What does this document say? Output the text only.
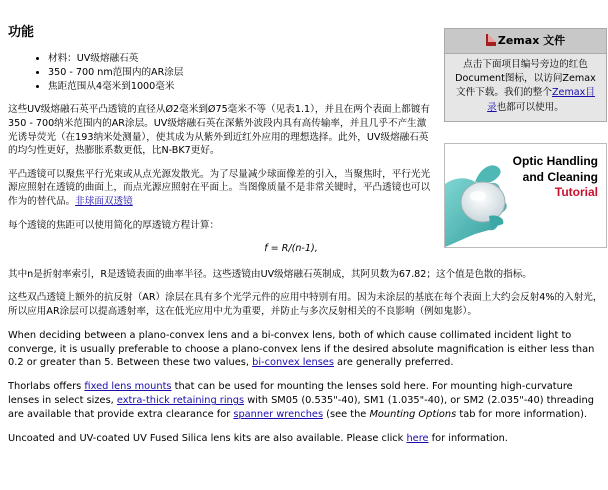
功能
• 材料：UV级熔融石英
• 350 - 700 nm范围内的AR涂层
• 焦距范围从4毫米到1000毫米

这些UV级熔融石英平凸透镜的直径从Ø2毫米到Ø75毫米不等（见表1.1），并且在两个表面上都镀有350 - 700纳米范围内的AR涂层。UV级熔融石英在深紫外波段内具有高传输率，并且几乎不产生激光诱导荧光（在193纳米处测量），使其成为从紫外到近红外应用的理想选择。此外，UV级熔融石英的均匀性更好，热膨胀系数更低，比N-BK7更好。

平凸透镜可以聚焦平行光束或从点光源发散光。为了尽量减少球面像差的引入，当聚焦时，平行光光源应照射在透镜的曲面上，而点光源应照射在平面上。当图像质量不是非常关键时，平凸透镜也可以作为的替代品。非球面双透镜

每个透镜的焦距可以使用简化的厚透镜方程计算：

f = R/(n-1),

其中n是折射率索引，R是透镜表面的曲率半径。这些透镜由UV级熔融石英制成，其阿贝数为67.82；这个值是色散的指标。

这些双凸透镜上额外的抗反射（AR）涂层在具有多个光学元件的应用中特别有用。因为未涂层的基底在每个表面上大约会反射4%的入射光，所以应用AR涂层可以提高透射率，这在低光应用中尤为重要，并防止与多次反射相关的不良影响（例如鬼影）。

When deciding between a plano-convex lens and a bi-convex lens, both of which cause collimated incident light to converge, it is usually preferable to choose a plano-convex lens if the desired absolute magnification is either less than 0.2 or greater than 5. Between these two values, bi-convex lenses are generally preferred.

Thorlabs offers fixed lens mounts that can be used for mounting the lenses sold here. For mounting high-curvature lenses in select sizes, extra-thick retaining rings with SM05 (0.535"-40), SM1 (1.035"-40), or SM2 (2.035"-40) threading are available that provide extra clearance for spanner wrenches (see the Mounting Options tab for more information).

Uncoated and UV-coated UV Fused Silica lens kits are also available. Please click here for information.

Zemax 文件
点击下面项目编号旁边的红色Document图标，以访问Zemax文件下载。我们的整个Zemax目录也都可以使用。
Optic Handling
and Cleaning
Tutorial
